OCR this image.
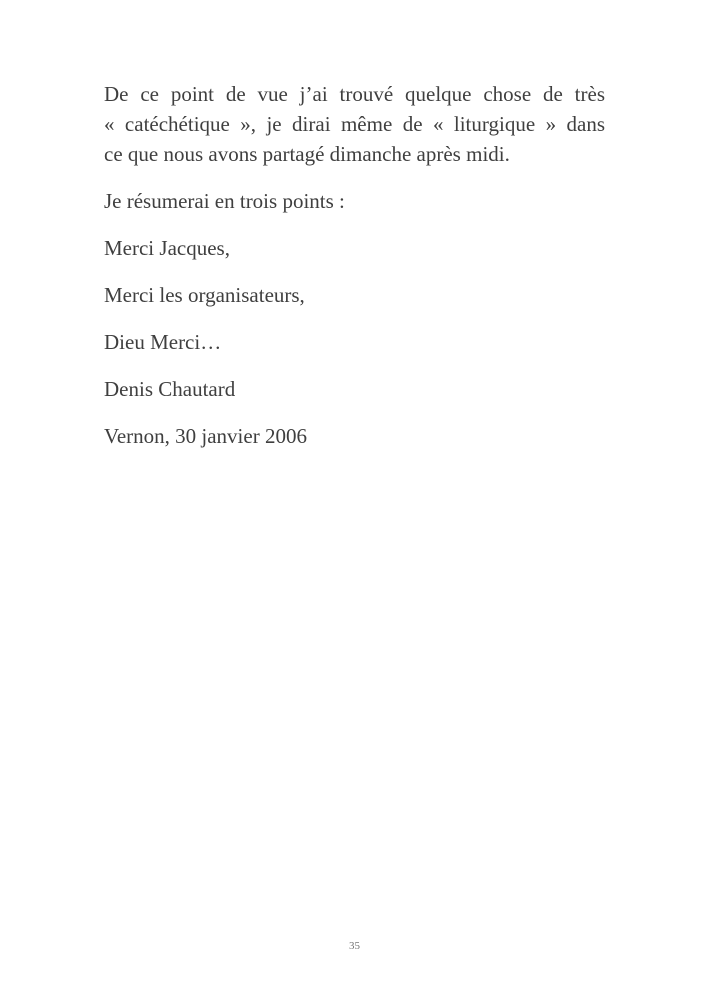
De ce point de vue j’ai trouvé quelque chose de très
« catéchétique », je dirai même de « liturgique » dans
ce que nous avons partagé dimanche après midi.

Je résumerai en trois points :

Merci Jacques,

Merci les organisateurs,

Dieu Merci…

Denis Chautard

Vernon, 30 janvier 2006

35
